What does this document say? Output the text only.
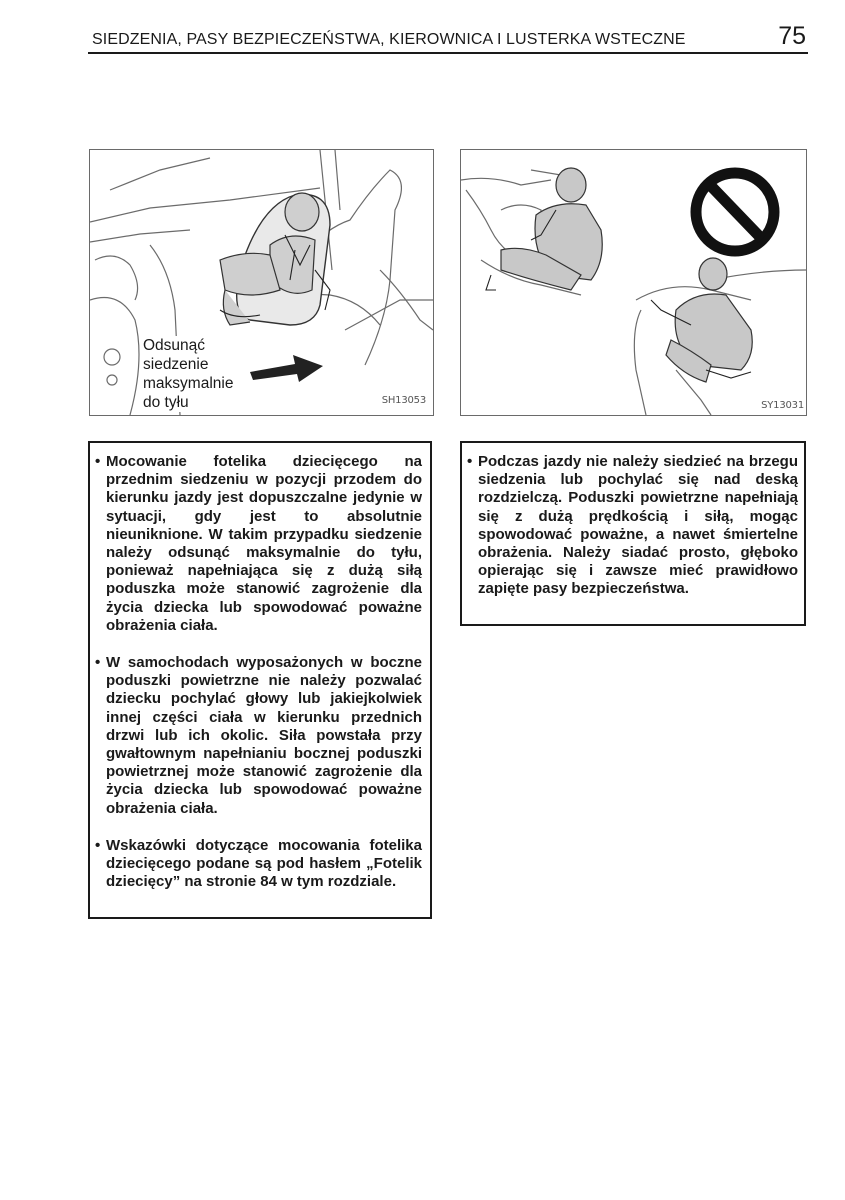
SIEDZENIA, PASY BEZPIECZEŃSTWA, KIEROWNICA I LUSTERKA WSTECZNE	75
Odsunąć
siedzenie
maksymalnie
do tyłu	SH13053	SY13031
• Mocowanie fotelika dziecięcego na przednim siedzeniu w pozycji przodem do kierunku jazdy jest dopuszczalne jedynie w sytuacji, gdy jest to absolutnie nieuniknione. W takim przypadku siedzenie należy odsunąć maksymalnie do tyłu, ponieważ napełniająca się z dużą siłą poduszka może stanowić zagrożenie dla życia dziecka lub spowodować poważne obrażenia ciała.
• W samochodach wyposażonych w boczne poduszki powietrzne nie należy pozwalać dziecku pochylać głowy lub jakiejkolwiek innej części ciała w kierunku przednich drzwi lub ich okolic. Siła powstała przy gwałtownym napełnianiu bocznej poduszki powietrznej może stanowić zagrożenie dla życia dziecka lub spowodować poważne obrażenia ciała.
• Wskazówki dotyczące mocowania fotelika dziecięcego podane są pod hasłem „Fotelik dziecięcy” na stronie 84 w tym rozdziale.
• Podczas jazdy nie należy siedzieć na brzegu siedzenia lub pochylać się nad deską rozdzielczą. Poduszki powietrzne napełniają się z dużą prędkością i siłą, mogąc spowodować poważne, a nawet śmiertelne obrażenia. Należy siadać prosto, głęboko opierając się i zawsze mieć prawidłowo zapięte pasy bezpieczeństwa.
